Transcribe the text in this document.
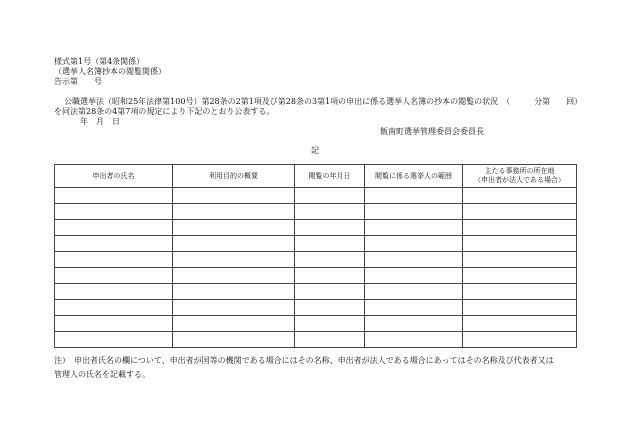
様式第1号（第4条関係）
（選挙人名簿抄本の閲覧関係）
告示第　　号
公職選挙法（昭和25年法律第100号）第28条の2第1項及び第28条の3第1項の申出に係る選挙人名簿の抄本の閲覧の状況　（　　　分第　　回）
を同法第28条の4第7項の規定により下記のとおり公表する。
年　月　日
飯南町選挙管理委員会委員長
記
申出者の氏名	利用目的の概要	閲覧の年月日	閲覧に係る選挙人の範囲	主たる事務所の所在地
（申出者が法人である場合）

注）　申出者氏名の欄について、申出者が国等の機関である場合にはその名称、申出者が法人である場合にあってはその名称及び代表者又は
管理人の氏名を記載する。
